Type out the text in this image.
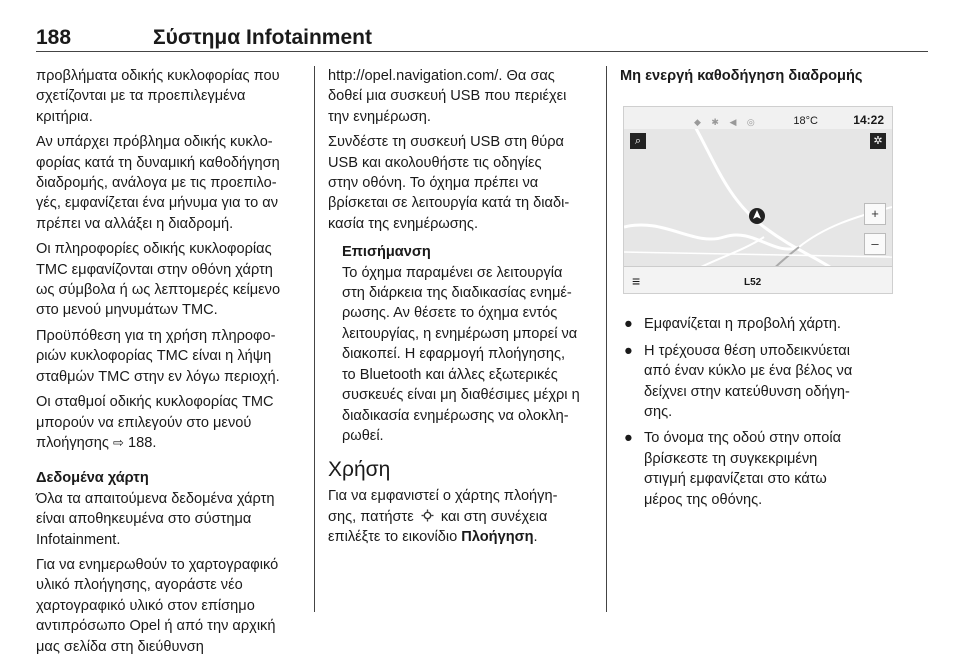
188	Σύστημα Infotainment

προβλήματα οδικής κυκλοφορίας που
σχετίζονται με τα προεπιλεγμένα
κριτήρια.

Αν υπάρχει πρόβλημα οδικής κυκλο-
φορίας κατά τη δυναμική καθοδήγηση
διαδρομής, ανάλογα με τις προεπιλο-
γές, εμφανίζεται ένα μήνυμα για το αν
πρέπει να αλλάξει η διαδρομή.

Οι πληροφορίες οδικής κυκλοφορίας
TMC εμφανίζονται στην οθόνη χάρτη
ως σύμβολα ή ως λεπτομερές κείμενο
στο μενού μηνυμάτων TMC.

Προϋπόθεση για τη χρήση πληροφο-
ριών κυκλοφορίας TMC είναι η λήψη
σταθμών TMC στην εν λόγω περιοχή.

Οι σταθμοί οδικής κυκλοφορίας TMC
μπορούν να επιλεγούν στο μενού
πλοήγησης ⇨ 188.

Δεδομένα χάρτη
Όλα τα απαιτούμενα δεδομένα χάρτη
είναι αποθηκευμένα στο σύστημα
Infotainment.

Για να ενημερωθούν το χαρτογραφικό
υλικό πλοήγησης, αγοράστε νέο
χαρτογραφικό υλικό στον επίσημο
αντιπρόσωπο Opel ή από την αρχική
μας σελίδα στη διεύθυνση

http://opel.navigation.com/. Θα σας
δοθεί μια συσκευή USB που περιέχει
την ενημέρωση.

Συνδέστε τη συσκευή USB στη θύρα
USB και ακολουθήστε τις οδηγίες
στην οθόνη. Το όχημα πρέπει να
βρίσκεται σε λειτουργία κατά τη διαδι-
κασία της ενημέρωσης.

Επισήμανση
Το όχημα παραμένει σε λειτουργία
στη διάρκεια της διαδικασίας ενημέ-
ρωσης. Αν θέσετε το όχημα εντός
λειτουργίας, η ενημέρωση μπορεί να
διακοπεί. Η εφαρμογή πλοήγησης,
το Bluetooth και άλλες εξωτερικές
συσκευές είναι μη διαθέσιμες μέχρι η
διαδικασία ενημέρωσης να ολοκλη-
ρωθεί.
Χρήση

Για να εμφανιστεί ο χάρτης πλοήγη-
σης, πατήστε και στη συνέχεια
επιλέξτε το εικονίδιο Πλοήγηση.

Μη ενεργή καθοδήγηση διαδρομής
◆ ✱ ◀ ◎	18°C	14:22
⌕	✲
+
–
≡	L52
● Εμφανίζεται η προβολή χάρτη.
● Η τρέχουσα θέση υποδεικνύεται
από έναν κύκλο με ένα βέλος να
δείχνει στην κατεύθυνση οδήγη-
σης.
● Το όνομα της οδού στην οποία
βρίσκεστε τη συγκεκριμένη
στιγμή εμφανίζεται στο κάτω
μέρος της οθόνης.
